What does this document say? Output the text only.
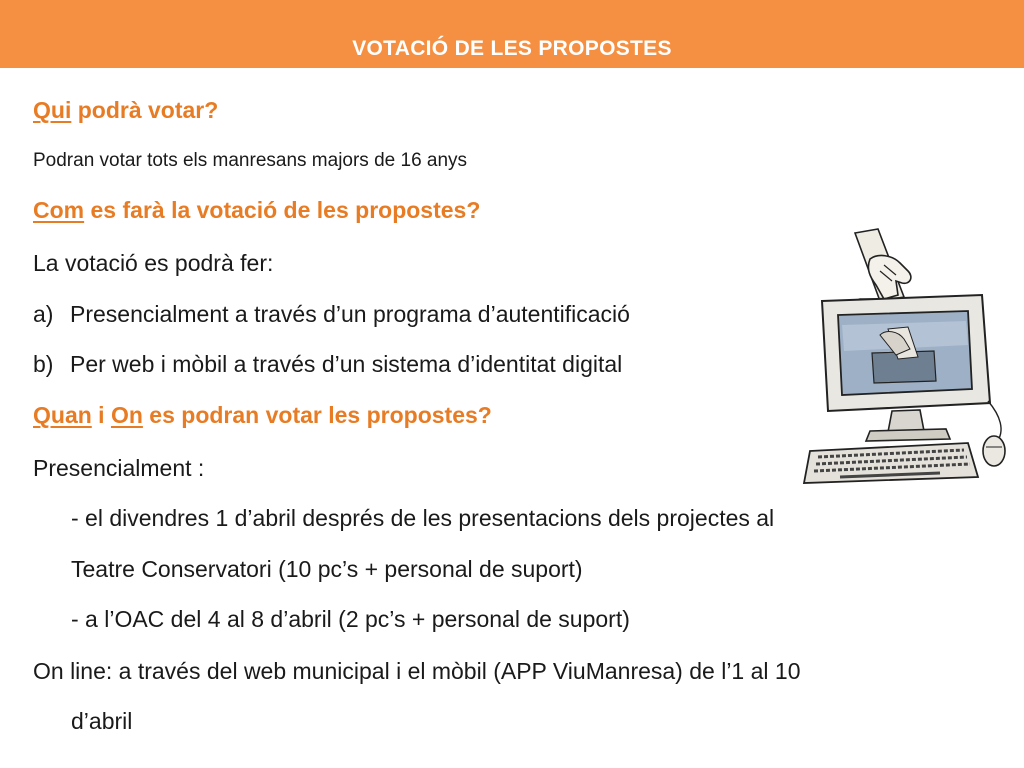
VOTACIÓ DE LES PROPOSTES
Qui podrà votar?
Podran votar tots els manresans majors de 16 anys
Com es farà la votació de les propostes?
La votació es podrà fer:
a) Presencialment a través d’un programa d’autentificació
b) Per web i mòbil a través d’un sistema d’identitat digital
Quan i On es podran votar les propostes?
Presencialment :
- el divendres 1 d’abril després de les presentacions dels projectes al
Teatre Conservatori (10 pc’s + personal de suport)
- a l’OAC del 4 al 8 d’abril (2 pc’s + personal de suport)
On line: a través del web municipal i el mòbil (APP ViuManresa) de l’1 al 10
d’abril
